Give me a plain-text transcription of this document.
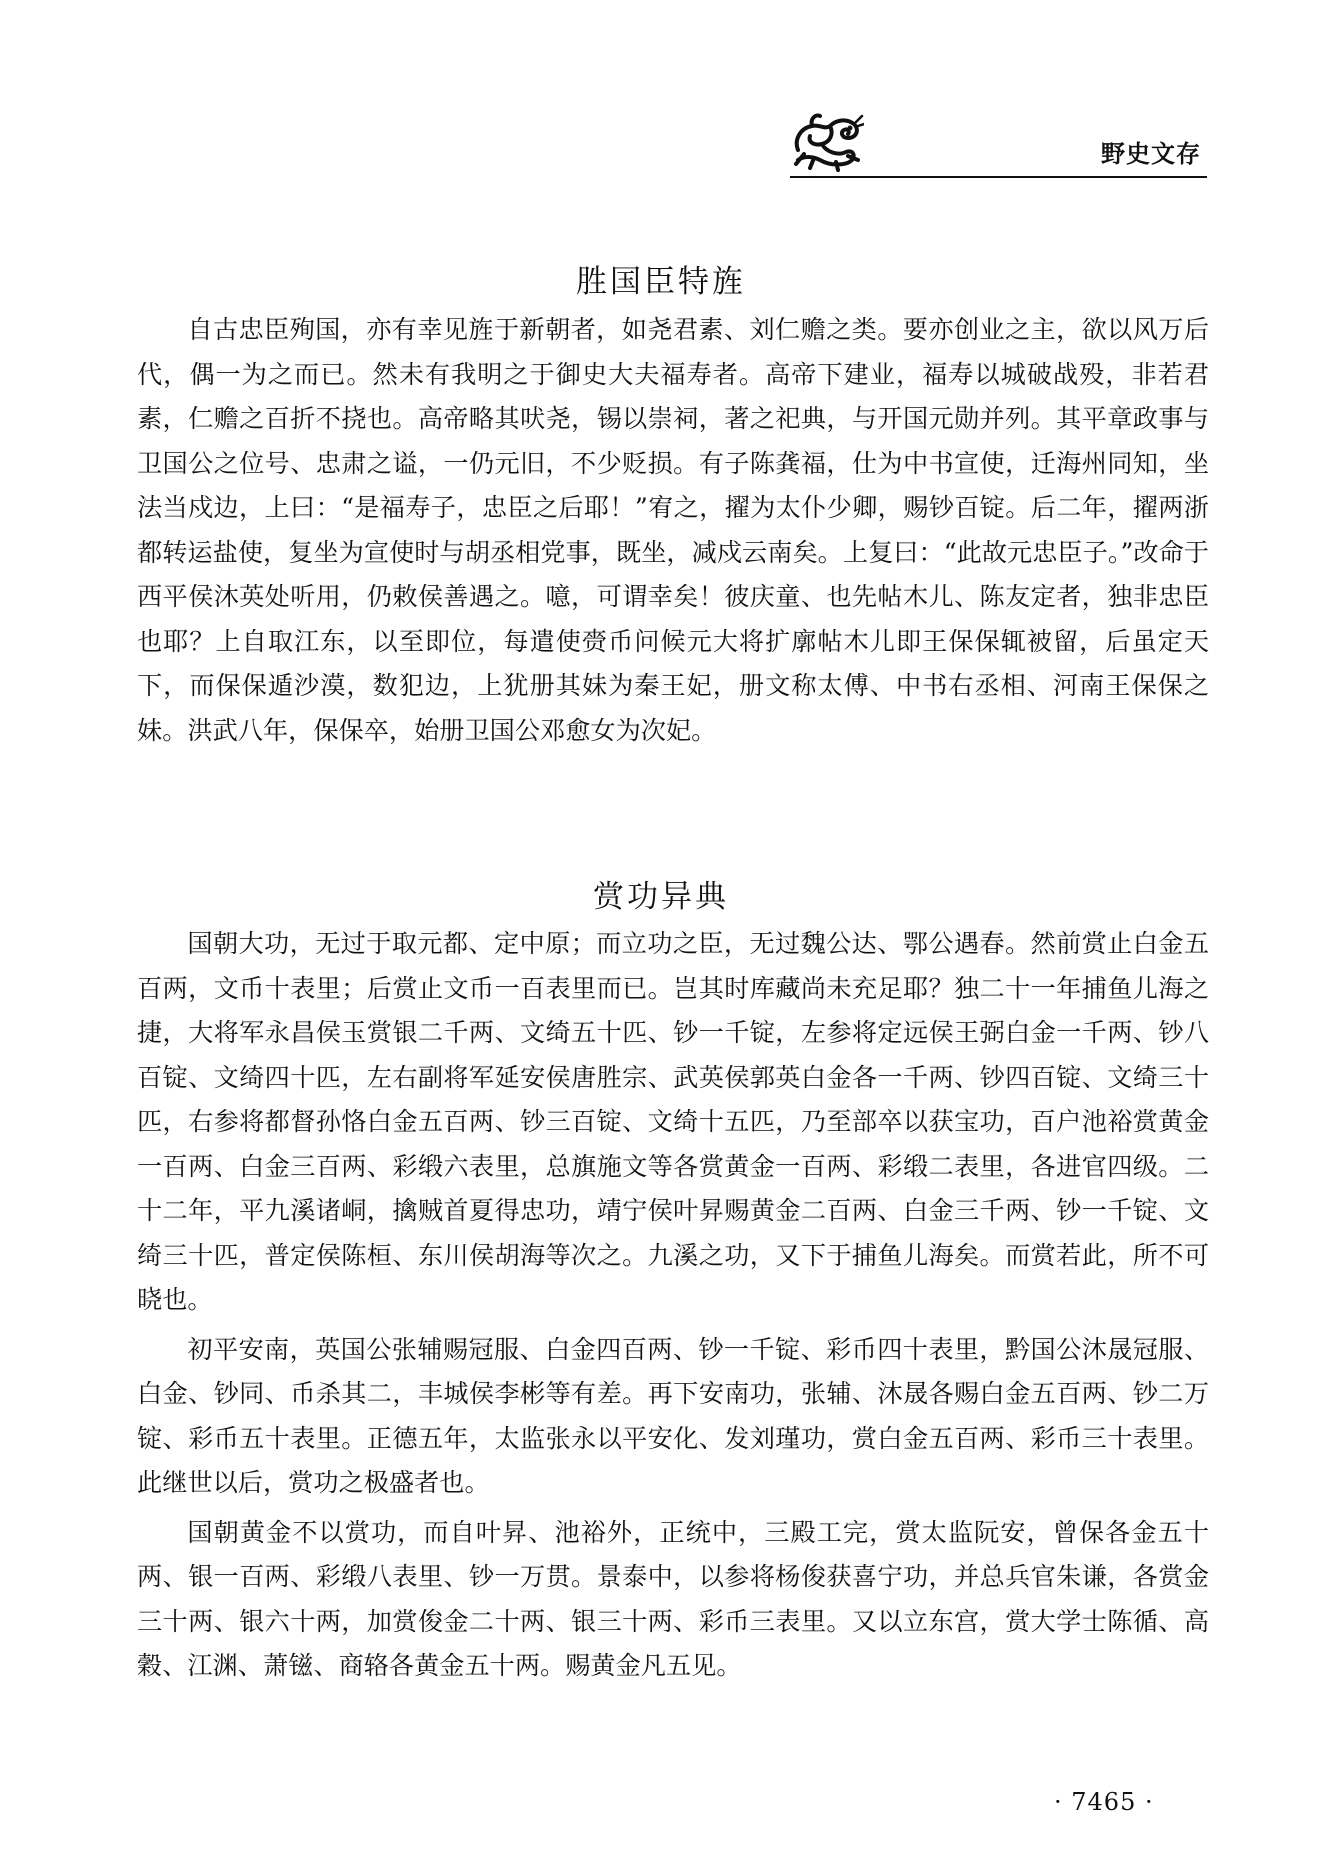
野史文存
胜国臣特旌

自古忠臣殉国，亦有幸见旌于新朝者，如尧君素、刘仁赡之类。要亦创业之主，欲以风万后代，偶一为之而已。然未有我明之于御史大夫福寿者。高帝下建业，福寿以城破战殁，非若君素，仁赡之百折不挠也。高帝略其吠尧，锡以崇祠，著之祀典，与开国元勋并列。其平章政事与卫国公之位号、忠肃之谥，一仍元旧，不少贬损。有子陈龚福，仕为中书宣使，迁海州同知，坐法当戍边，上曰：“是福寿子，忠臣之后耶！”宥之，擢为太仆少卿，赐钞百锭。后二年，擢两浙都转运盐使，复坐为宣使时与胡丞相党事，既坐，减戍云南矣。上复曰：“此故元忠臣子。”改命于西平侯沐英处听用，仍敕侯善遇之。噫，可谓幸矣！彼庆童、也先帖木儿、陈友定者，独非忠臣也耶？上自取江东，以至即位，每遣使赍币问候元大将扩廓帖木儿即王保保辄被留，后虽定天下，而保保遁沙漠，数犯边，上犹册其妹为秦王妃，册文称太傅、中书右丞相、河南王保保之妹。洪武八年，保保卒，始册卫国公邓愈女为次妃。

赏功异典

国朝大功，无过于取元都、定中原；而立功之臣，无过魏公达、鄂公遇春。然前赏止白金五百两，文币十表里；后赏止文币一百表里而已。岂其时库藏尚未充足耶？独二十一年捕鱼儿海之捷，大将军永昌侯玉赏银二千两、文绮五十匹、钞一千锭，左参将定远侯王弼白金一千两、钞八百锭、文绮四十匹，左右副将军延安侯唐胜宗、武英侯郭英白金各一千两、钞四百锭、文绮三十匹，右参将都督孙恪白金五百两、钞三百锭、文绮十五匹，乃至部卒以获宝功，百户池裕赏黄金一百两、白金三百两、彩缎六表里，总旗施文等各赏黄金一百两、彩缎二表里，各进官四级。二十二年，平九溪诸峒，擒贼首夏得忠功，靖宁侯叶昇赐黄金二百两、白金三千两、钞一千锭、文绮三十匹，普定侯陈桓、东川侯胡海等次之。九溪之功，又下于捕鱼儿海矣。而赏若此，所不可晓也。

初平安南，英国公张辅赐冠服、白金四百两、钞一千锭、彩币四十表里，黔国公沐晟冠服、白金、钞同、币杀其二，丰城侯李彬等有差。再下安南功，张辅、沐晟各赐白金五百两、钞二万锭、彩币五十表里。正德五年，太监张永以平安化、发刘瑾功，赏白金五百两、彩币三十表里。此继世以后，赏功之极盛者也。

国朝黄金不以赏功，而自叶昇、池裕外，正统中，三殿工完，赏太监阮安，曾保各金五十两、银一百两、彩缎八表里、钞一万贯。景泰中，以参将杨俊获喜宁功，并总兵官朱谦，各赏金三十两、银六十两，加赏俊金二十两、银三十两、彩币三表里。又以立东宫，赏大学士陈循、高穀、江渊、萧镃、商辂各黄金五十两。赐黄金凡五见。

· 7465 ·
